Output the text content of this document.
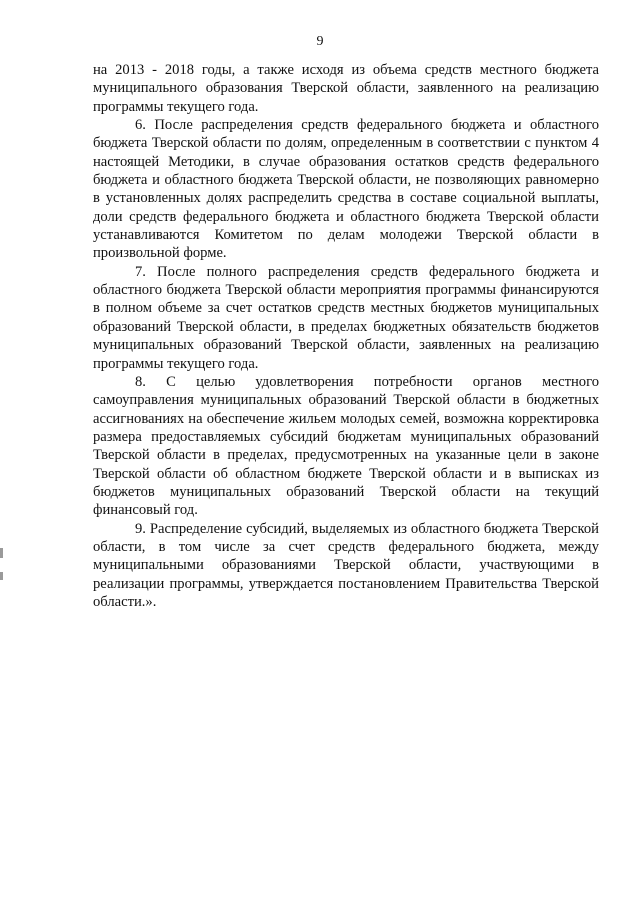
9

на 2013 - 2018 годы, а также исходя из объема средств местного бюджета муниципального образования Тверской области, заявленного на реализацию программы текущего года.

6. После распределения средств федерального бюджета и областного бюджета Тверской области по долям, определенным в соответствии с пунктом 4 настоящей Методики, в случае образования остатков средств федерального бюджета и областного бюджета Тверской области, не позволяющих равномерно в установленных долях распределить средства в составе социальной выплаты, доли средств федерального бюджета и областного бюджета Тверской области устанавливаются Комитетом по делам молодежи Тверской области в произвольной форме.

7. После полного распределения средств федерального бюджета и областного бюджета Тверской области мероприятия программы финансируются в полном объеме за счет остатков средств местных бюджетов муниципальных образований Тверской области, в пределах бюджетных обязательств бюджетов муниципальных образований Тверской области, заявленных на реализацию программы текущего года.

8. С целью удовлетворения потребности органов местного самоуправления муниципальных образований Тверской области в бюджетных ассигнованиях на обеспечение жильем молодых семей, возможна корректировка размера предоставляемых субсидий бюджетам муниципальных образований Тверской области в пределах, предусмотренных на указанные цели в законе Тверской области об областном бюджете Тверской области и в выписках из бюджетов муниципальных образований Тверской области на текущий финансовый год.

9. Распределение субсидий, выделяемых из областного бюджета Тверской области, в том числе за счет средств федерального бюджета, между муниципальными образованиями Тверской области, участвующими в реализации программы, утверждается постановлением Правительства Тверской области.».
